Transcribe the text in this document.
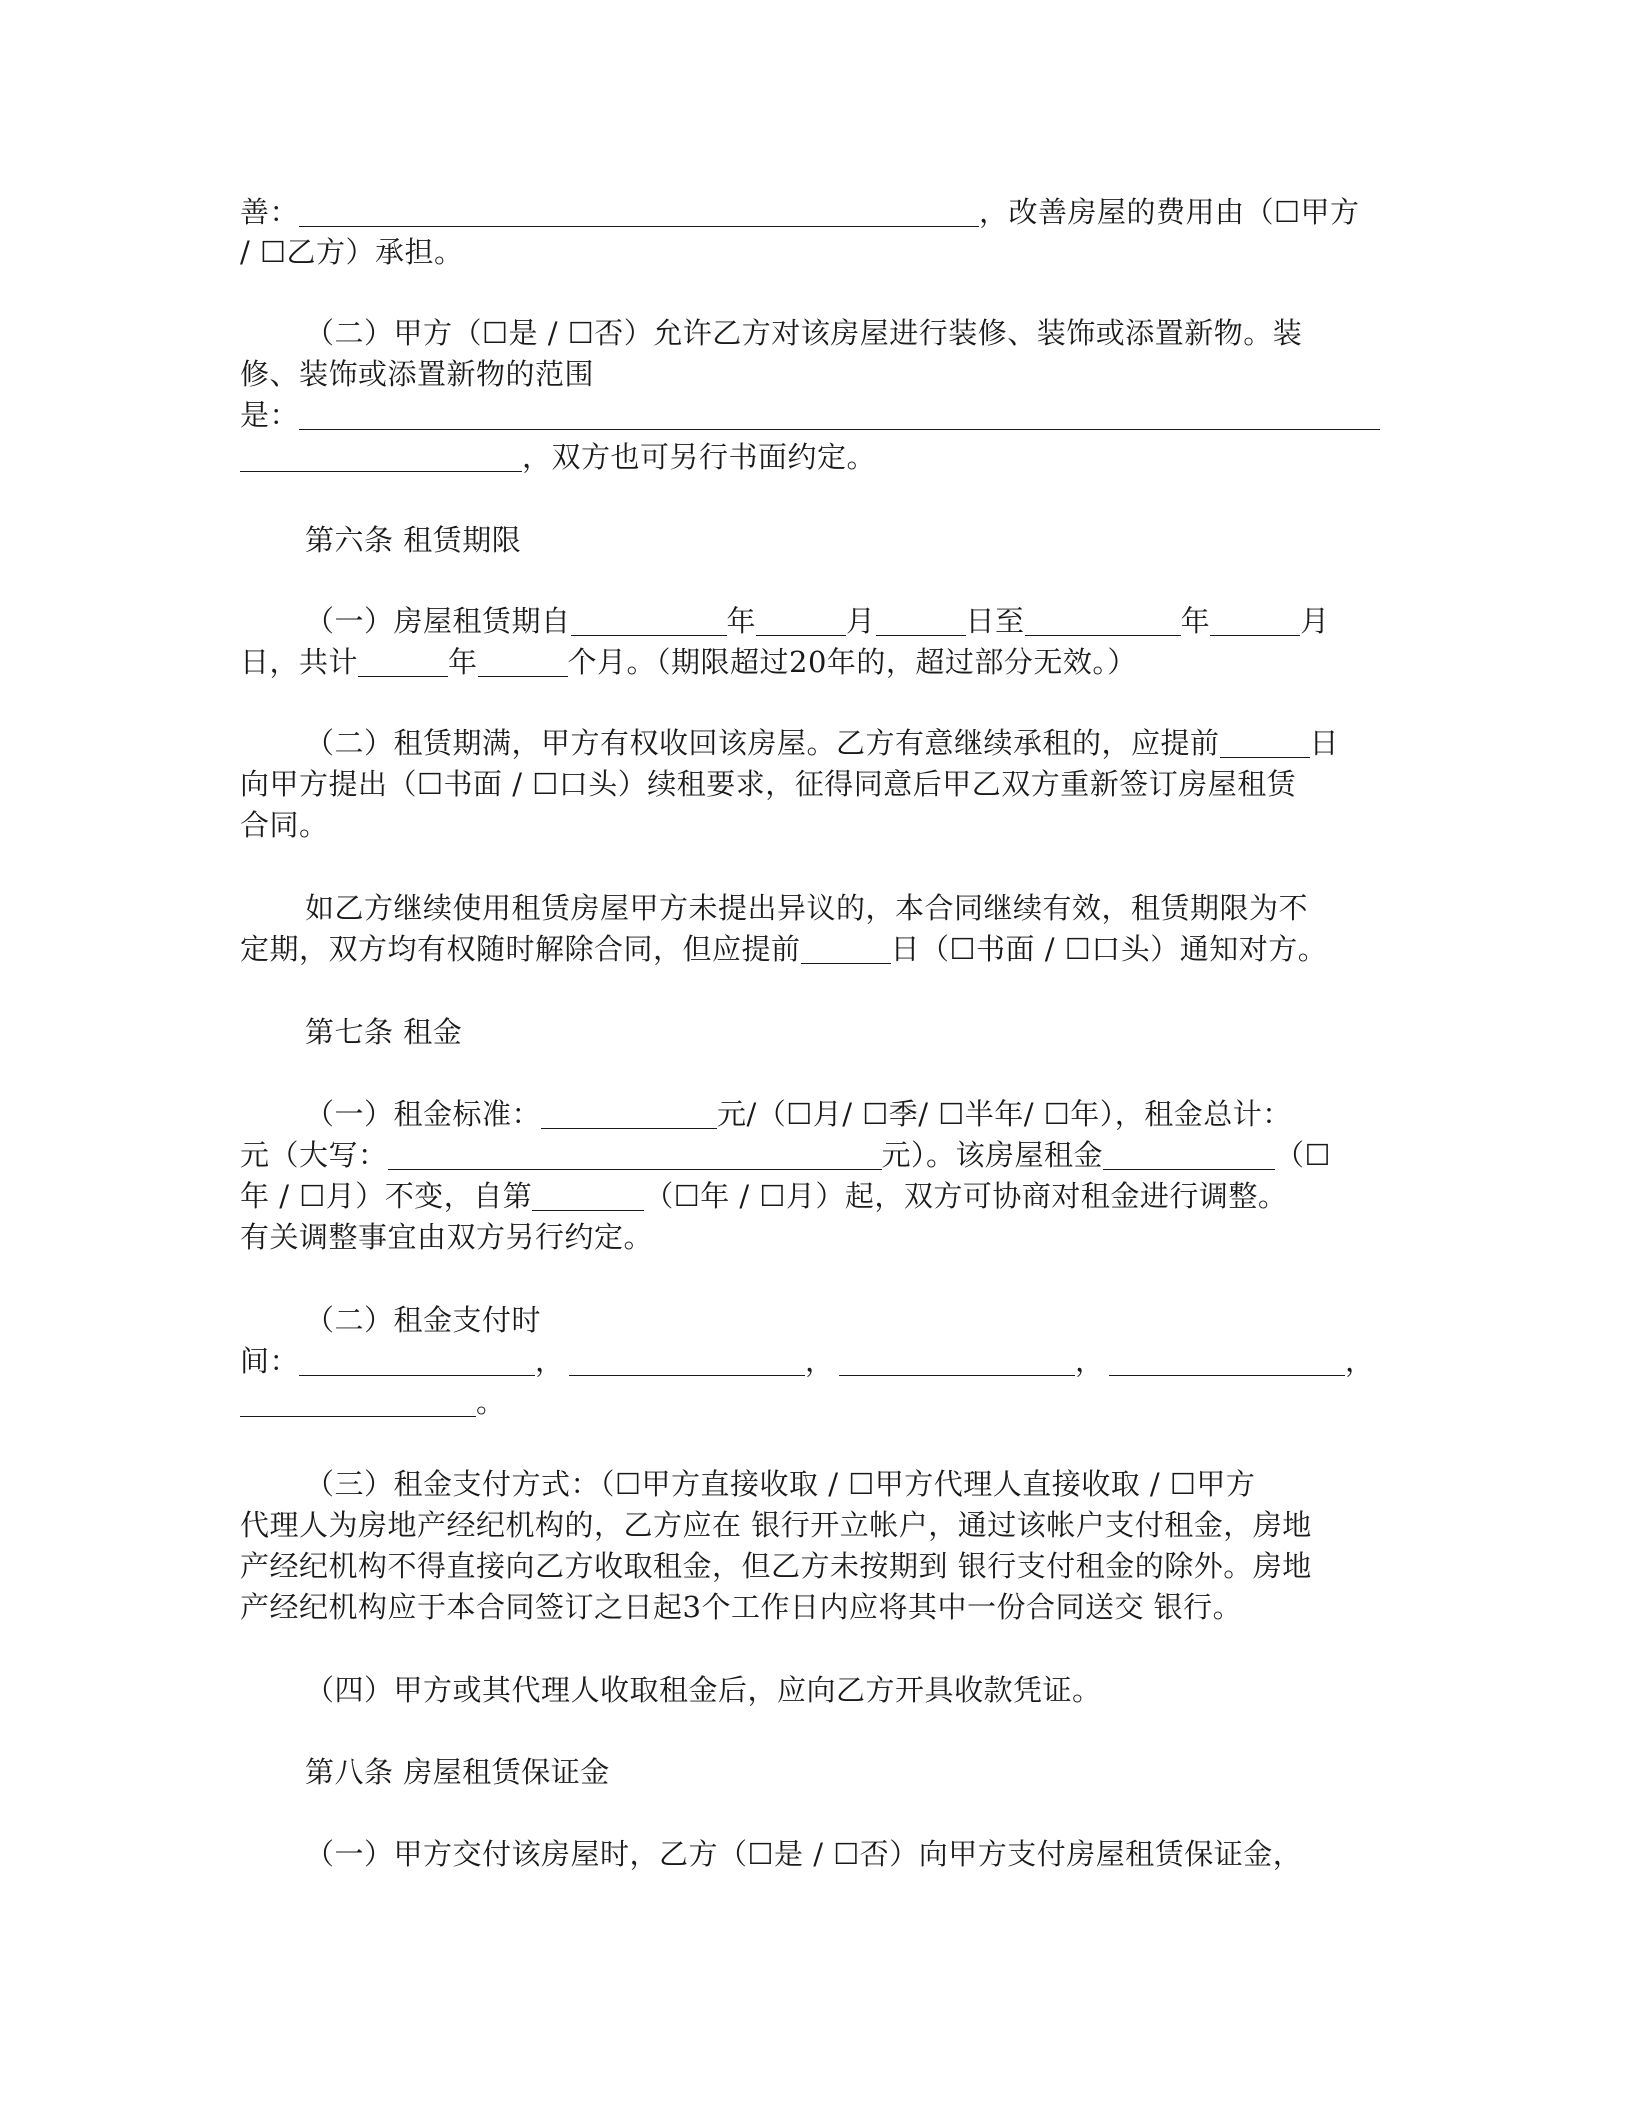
善：	，改善房屋的费用由（☐甲方
/ ☐乙方）承担。
（二）甲方（☐是 / ☐否）允许乙方对该房屋进行装修、装饰或添置新物。装
修、装饰或添置新物的范围
是：
，双方也可另行书面约定。
第六条 租赁期限
（一）房屋租赁期自	年	月	日至	年	月
日，共计	年	个月。（期限超过20年的，超过部分无效。）
（二）租赁期满，甲方有权收回该房屋。乙方有意继续承租的，应提前	日
向甲方提出（☐书面 / ☐口头）续租要求，征得同意后甲乙双方重新签订房屋租赁
合同。
如乙方继续使用租赁房屋甲方未提出异议的，本合同继续有效，租赁期限为不
定期，双方均有权随时解除合同，但应提前	日（☐书面 / ☐口头）通知对方。
第七条 租金
（一）租金标准：	元/（☐月/ ☐季/ ☐半年/ ☐年），租金总计：
元（大写：	元）。该房屋租金	（☐
年 / ☐月）不变，自第	（☐年 / ☐月）起，双方可协商对租金进行调整。
有关调整事宜由双方另行约定。
（二）租金支付时
间：	，	，	，	，
。
（三）租金支付方式：（☐甲方直接收取 / ☐甲方代理人直接收取 / ☐甲方
代理人为房地产经纪机构的，乙方应在 银行开立帐户，通过该帐户支付租金，房地
产经纪机构不得直接向乙方收取租金，但乙方未按期到 银行支付租金的除外。房地
产经纪机构应于本合同签订之日起3个工作日内应将其中一份合同送交 银行。
（四）甲方或其代理人收取租金后，应向乙方开具收款凭证。
第八条 房屋租赁保证金
（一）甲方交付该房屋时，乙方（☐是 / ☐否）向甲方支付房屋租赁保证金，
